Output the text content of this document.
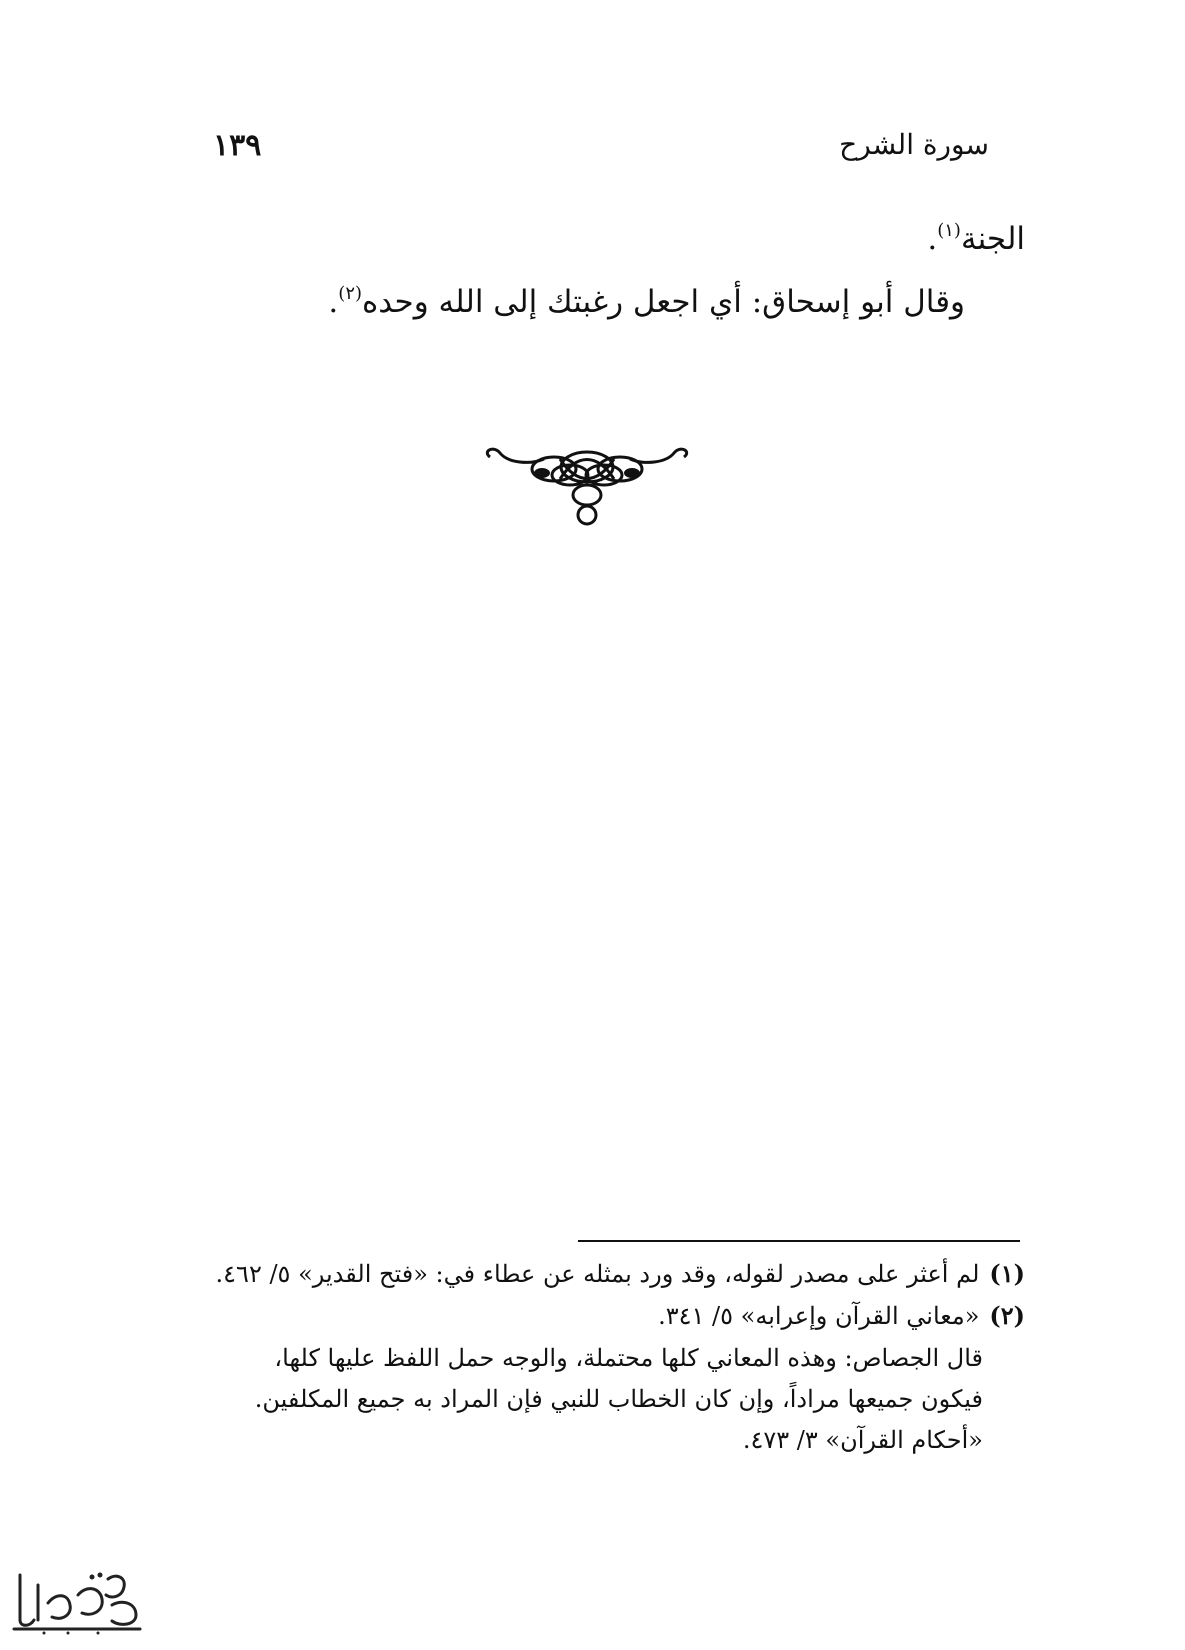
سورة الشرح
١٣٩
الجنة$^{(١)}$.
وقال أبو إسحاق: أي اجعل رغبتك إلى الله وحده$^{(٢)}$.
(١)لم أعثر على مصدر لقوله، وقد ورد بمثله عن عطاء في: «فتح القدير» ٥/ ٤٦٢.
(٢)«معاني القرآن وإعرابه» ٥/ ٣٤١.
قال الجصاص: وهذه المعاني كلها محتملة، والوجه حمل اللفظ عليها كلها،
فيكون جميعها مراداً، وإن كان الخطاب للنبي فإن المراد به جميع المكلفين.
«أحكام القرآن» ٣/ ٤٧٣.
